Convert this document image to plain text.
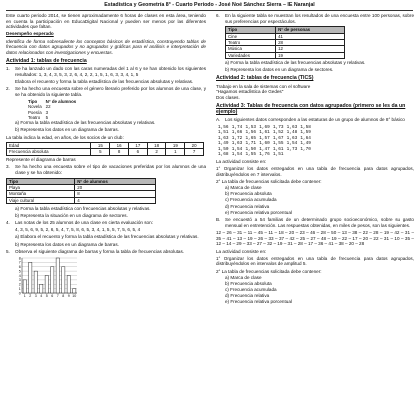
Estadística y Geometría 8° - Cuarto Periodo - José Noé Sánchez Sierra – IE Naranjal

Este cuarto periodo 2014, se tienen aproximadamente 6 horas de clases en esta área, teniendo en cuenta la participación en EducaDigital Nacional y pueden ser menos por las diferentes actividades que faltan.

Desempeño esperado

Identifica de forma sobresaliente los conceptos básicos de estadística, construyendo tablas de frecuencia con datos agrupados y no agrupados y gráficas para el análisis e interpretación de datos relacionados con investigaciones y encuestas.

Actividad 1: tablas de frecuencia
1.	Se ha lanzado un dado con las caras numeradas del 1 al 6 y se han obtenido los siguientes resultados: 1, 3, 4, 3, 5, 3, 2, 6, 4, 2, 2, 1, 5, 1, 6, 3, 3, 4, 1, 5

Elabora el recuento y forma la tabla estadística de las frecuencias absolutas y relativas.

2.	Se ha hecho una encuesta sobre el género literario preferido por los alumnos de una clase, y se ha obtenido la siguiente tabla.

Tipo	N° de alumnos
Novela	22
Poesía	3
Teatro	5

a) Forma la tabla estadística de las frecuencias absolutas y relativas.

b) Representa los datos en un diagrama de barras.

La tabla indica la edad, en años, de los socios de un club:

Edad	15	16	17	18	19	20
Frecuencia absoluta	5	8	6	2	1	7

Represente el diagrama de barras

3.	Se ha hecho una encuesta sobre el tipo de vacaciones preferidas por los alumnos de una clase y se ha obtenido:

Tipo	N° de alumnos
Playa	20
Montaña	8
Viaje cultural	4

a) Forma la tabla estadística con frecuencias absolutas y relativas.

b) Representa la situación en un diagrama de sectores.

4.	Las notas de los 25 alumnos de una clase en cierta evaluación son:

4, 3, 5, 6, 9, 5, 2, 6, 5, 4, 7, 5, 8, 6, 5, 3, 4, 1, 5, 5, 7, 5, 6, 5, 4

a) Elabora el recuento y forma la tabla estadística de las frecuencias absolutas y relativas.

b) Representa los datos en un diagrama de barras.

5.	Observa el siguiente diagrama de barras y forma la tabla de frecuencias absolutas.

0
1
2
3
4
5
6
7
8
1 2 3 4 5 6 7 8 9 10
6.	En la siguiente tabla se muestran los resultados de una encuesta entre 100 personas, sobre sus preferencias por espectáculos.

Tipo	N° de personas
Cine	41
Teatro	28
Música	12
Variedades	19

a) Forma la tabla estadística de las frecuencias absolutas y relativas.

b) Representa los datos en un diagrama de sectores.

Actividad 2: tablas de frecuencia (TICS)

Trabajo en la sala de sistemas con el software

"Hagamos estadística de Gedes"

Dos clases.

Actividad 3: Tablas de frecuencia con datos agrupados (primero se les da un ejemplo)
A.	Los siguientes datos corresponden a las estaturas de un grupo de alumnos de 8° básico

1,56	1,74	1,53	1,69	1,73	1,63	1,58
1,51	1,66	1,56	1,61	1,52	1,48	1,59
1,63	1,72	1,65	1,57	1,67	1,63	1,64
1,49	1,63	1,71	1,60	1,55	1,54	1,49
1,50	1,54	1,50	1,47	1,61	1,73	1,70
1,68	1,54	1,55	1,76	1,51		

La actividad consiste en:

1° Organizar los datos entregados en una tabla de frecuencia para datos agrupados, distribuyéndolos en 7 intervalos.

2° La tabla de frecuencias solicitada debe contener:

a) Marca de clase

b) Frecuencia absoluta

c) Frecuencia acumulada

d) Frecuencia relativa

e) Frecuencia relativa porcentual

B.	Se encuestó a 54 familias de un determinado grupo socioeconómico, sobre su gasto mensual en entretención. Las respuestas obtenidas, en miles de pesos, son las siguientes.

12 – 26 – 31 – 11 – 45 – 11 – 18 – 20 – 23 – 46 – 28 – 50 – 13 – 38 – 22 – 28 – 19 – 42 – 31 – 35 – 41 – 13 – 19 – 26 – 33 – 37 – 42 – 25 – 27 – 48 – 19 – 22 – 17 – 20 – 22 – 31 – 10 – 35 – 12 – 14 – 29 – 33 – 27 – 32 – 19 – 31 – 28 – 17 – 36 – 41 – 38 – 20 – 28

La actividad consiste en:

1° Organizar los datos entregados en una tabla de frecuencia para datos agrupados, distribuyéndolos en intervalos de amplitud 5.

2° La tabla de frecuencias solicitada debe contener:

a) Marca de clase

b) Frecuencia absoluta

c) Frecuencia acumulada

d) Frecuencia relativa

e) Frecuencia relativa porcentual
